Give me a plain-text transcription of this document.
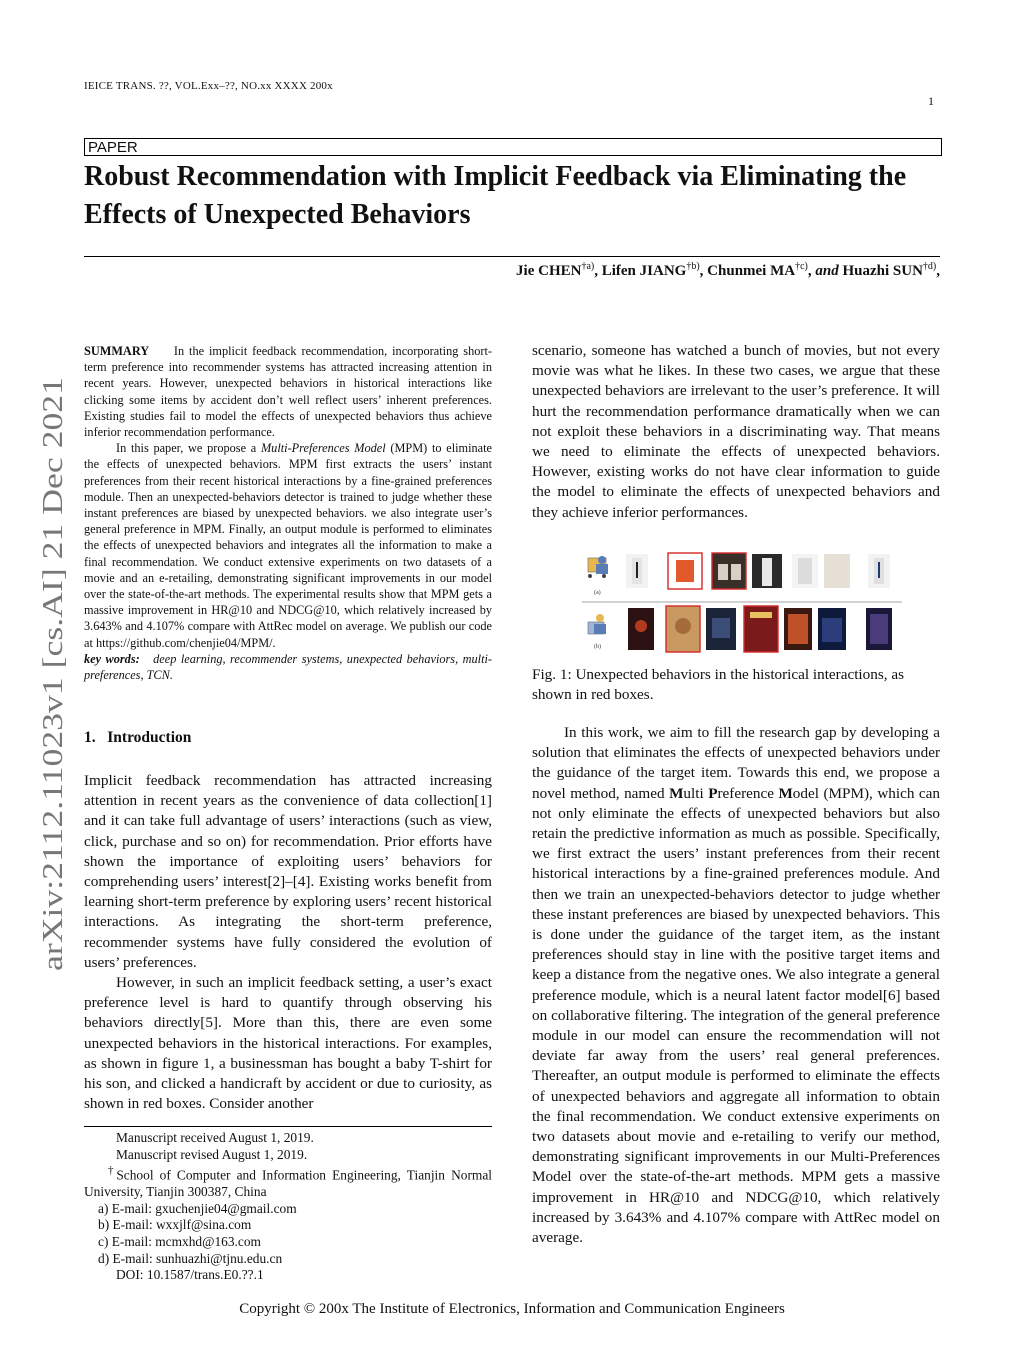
IEICE TRANS. ??, VOL.Exx–??, NO.xx XXXX 200x
1
PAPER
Robust Recommendation with Implicit Feedback via Eliminating the Effects of Unexpected Behaviors
Jie CHEN$^{\dagger a)}$, Lifen JIANG$^{\dagger b)}$, Chunmei MA$^{\dagger c)}$, and Huazhi SUN$^{\dagger d)}$,
arXiv:2112.11023v1 [cs.AI] 21 Dec 2021

SUMMARY In the implicit feedback recommendation, incorporating short-term preference into recommender systems has attracted increasing attention in recent years. However, unexpected behaviors in historical interactions like clicking some items by accident don’t well reflect users’ inherent preferences. Existing studies fail to model the effects of unexpected behaviors thus achieve inferior recommendation performance.

In this paper, we propose a Multi-Preferences Model (MPM) to eliminate the effects of unexpected behaviors. MPM first extracts the users’ instant preferences from their recent historical interactions by a fine-grained preferences module. Then an unexpected-behaviors detector is trained to judge whether these instant preferences are biased by unexpected behaviors. we also integrate user’s general preference in MPM. Finally, an output module is performed to eliminates the effects of unexpected behaviors and integrates all the information to make a final recommendation. We conduct extensive experiments on two datasets of a movie and an e-retailing, demonstrating significant improvements in our model over the state-of-the-art methods. The experimental results show that MPM gets a massive improvement in HR@10 and NDCG@10, which relatively increased by 3.643% and 4.107% compare with AttRec model on average. We publish our code at https://github.com/chenjie04/MPM/.

key words: deep learning, recommender systems, unexpected behaviors, multi-preferences, TCN.

1. Introduction

Implicit feedback recommendation has attracted increasing attention in recent years as the convenience of data collection[1] and it can take full advantage of users’ interactions (such as view, click, purchase and so on) for recommendation. Prior efforts have shown the importance of exploiting users’ behaviors for comprehending users’ interest[2]–[4]. Existing works benefit from learning short-term preference by exploring users’ recent historical interactions. As integrating the short-term preference, recommender systems have fully considered the evolution of users’ preferences.

However, in such an implicit feedback setting, a user’s exact preference level is hard to quantify through observing his behaviors directly[5]. More than this, there are even some unexpected behaviors in the historical interactions. For examples, as shown in figure 1, a businessman has bought a baby T-shirt for his son, and clicked a handicraft by accident or due to curiosity, as shown in red boxes. Consider another

Manuscript received August 1, 2019.
Manuscript revised August 1, 2019.
†School of Computer and Information Engineering, Tianjin Normal University, Tianjin 300387, China
a) E-mail: gxuchenjie04@gmail.com
b) E-mail: wxxjlf@sina.com
c) E-mail: mcmxhd@163.com
d) E-mail: sunhuazhi@tjnu.edu.cn
DOI: 10.1587/trans.E0.??.1
scenario, someone has watched a bunch of movies, but not every movie was what he likes. In these two cases, we argue that these unexpected behaviors are irrelevant to the user’s preference. It will hurt the recommendation performance dramatically when we can not exploit these behaviors in a discriminating way. That means we need to eliminate the effects of unexpected behaviors. However, existing works do not have clear information to guide the model to eliminate the effects of unexpected behaviors and they achieve inferior performances.
(a)
(b)
Fig. 1: Unexpected behaviors in the historical interactions, as shown in red boxes.

In this work, we aim to fill the research gap by developing a solution that eliminates the effects of unexpected behaviors under the guidance of the target item. Towards this end, we propose a novel method, named Multi Preference Model (MPM), which can not only eliminate the effects of unexpected behaviors but also retain the predictive information as much as possible. Specifically, we first extract the users’ instant preferences from their recent historical interactions by a fine-grained preferences module. And then we train an unexpected-behaviors detector to judge whether these instant preferences are biased by unexpected behaviors. This is done under the guidance of the target item, as the instant preferences should stay in line with the positive target items and keep a distance from the negative ones. We also integrate a general preference module, which is a neural latent factor model[6] based on collaborative filtering. The integration of the general preference module in our model can ensure the recommendation will not deviate far away from the users’ real general preferences. Thereafter, an output module is performed to eliminate the effects of unexpected behaviors and aggregate all information to obtain the final recommendation. We conduct extensive experiments on two datasets about movie and e-retailing to verify our method, demonstrating significant improvements in our Multi-Preferences Model over the state-of-the-art methods. MPM gets a massive improvement in HR@10 and NDCG@10, which relatively increased by 3.643% and 4.107% compare with AttRec model on average.

Copyright © 200x The Institute of Electronics, Information and Communication Engineers
